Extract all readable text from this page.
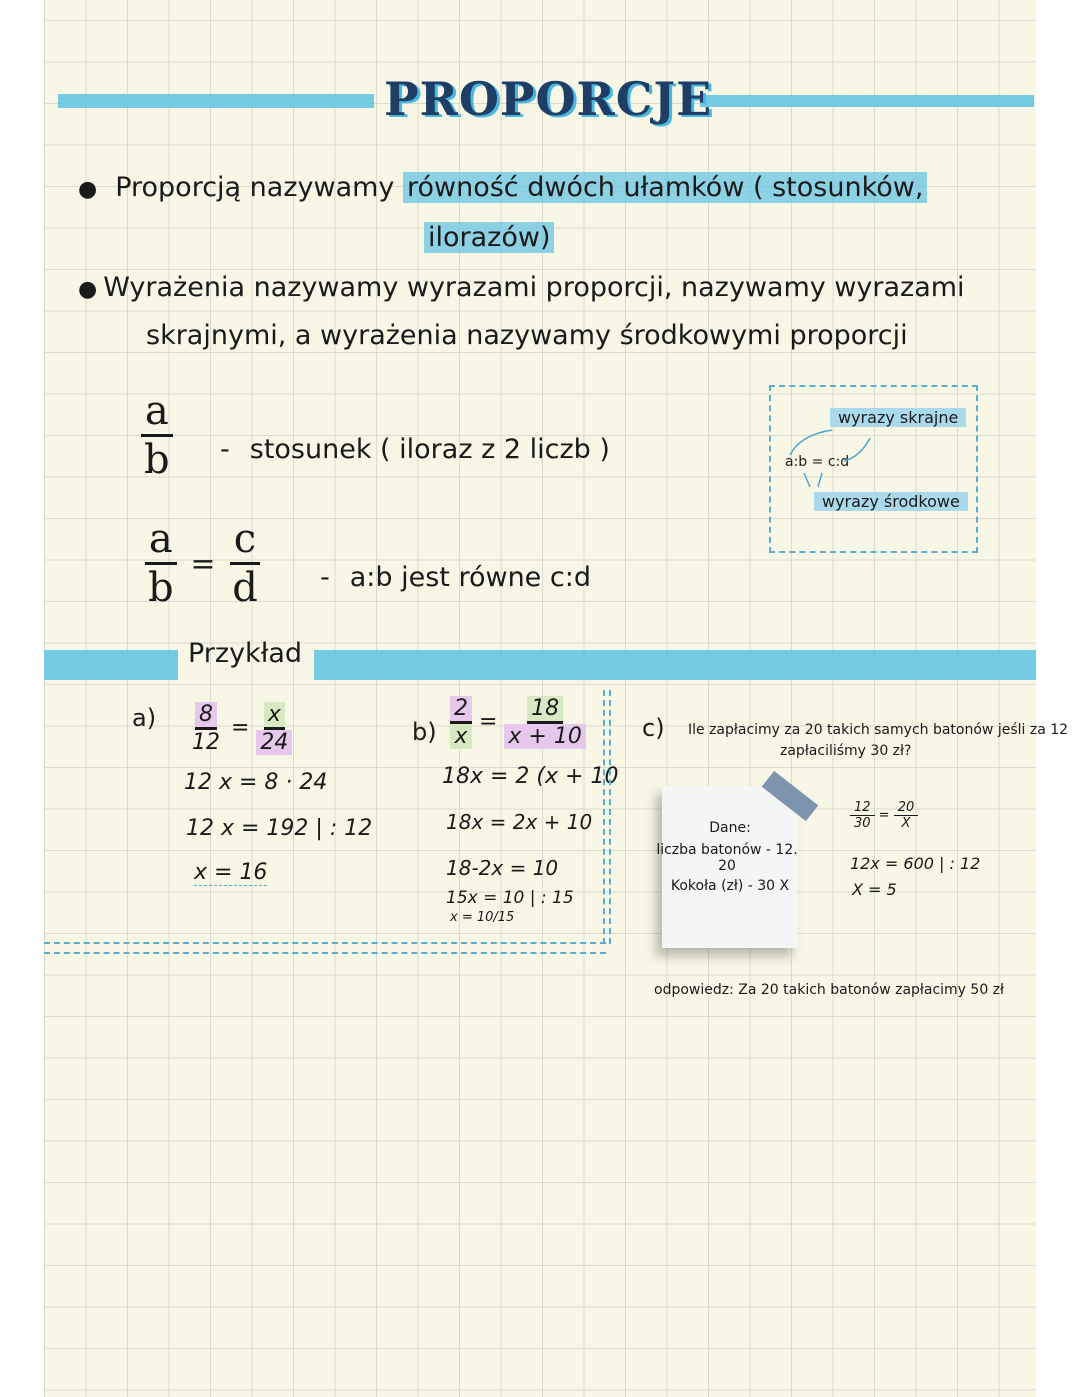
PROPORCJE
● Proporcją nazywamy równość dwóch ułamków ( stosunków,
ilorazów)
● Wyrażenia nazywamy wyrazami proporcji, nazywamy wyrazami
skrajnymi, a wyrażenia nazywamy środkowymi proporcji
$\frac{a}{b}$ - stosunek ( iloraz z 2 liczb )
$\frac{a}{b} = \frac{c}{d}$ - a:b jest równe c:d
wyrazy skrajne
a:b = c:d
wyrazy środkowe
Przykład
$a) \frac{8}{12} = \frac{x}{24}$
12 x = 8 · 24
12 x = 192 | : 12
x = 16
$b) \frac{2}{x} = \frac{18}{x + 10}$
18x = 2 (x + 10
18x = 2x + 10
18-2x = 10
15x = 10 | : 15
x = 10/15
c) Ile zapłacimy za 20 takich samych batonów jeśli za 12
zapłaciliśmy 30 zł?
Dane:
liczba batonów - 12. 20
Kokoła (zł) - 30 X
$\frac{12}{30} = \frac{20}{X}$
12x = 600 | : 12
X = 5
odpowiedz: Za 20 takich batonów zapłacimy 50 zł
